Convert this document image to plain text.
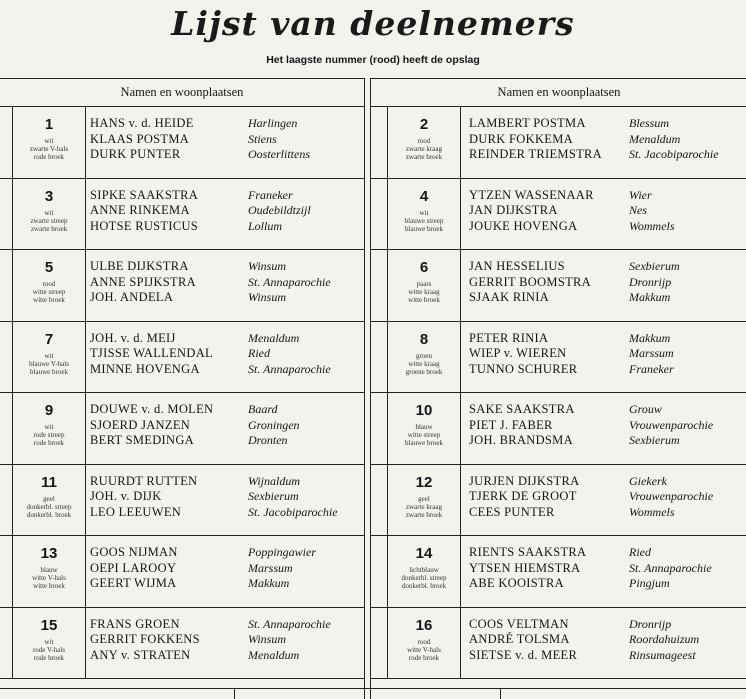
Lijst van deelnemers
Het laagste nummer (rood) heeft de opslag
Namen en woonplaatsen
1
wit
zwarte V-hals
rode broek
HANS v. d. HEIDE	Harlingen
KLAAS POSTMA	Stiens
DURK PUNTER	Oosterlittens
3
wit
zwarte streep
zwarte broek
SIPKE SAAKSTRA	Franeker
ANNE RINKEMA	Oudebildtzijl
HOTSE RUSTICUS	Lollum
5
rood
witte streep
witte broek
ULBE DIJKSTRA	Winsum
ANNE SPIJKSTRA	St. Annaparochie
JOH. ANDELA	Winsum
7
wit
blauwe V-hals
blauwe broek
JOH. v. d. MEIJ	Menaldum
TJISSE WALLENDAL	Ried
MINNE HOVENGA	St. Annaparochie
9
wit
rode streep
rode broek
DOUWE v. d. MOLEN	Baard
SJOERD JANZEN	Groningen
BERT SMEDINGA	Dronten
11
geel
donkerbl. streep
donkerbl. broek
RUURDT RUTTEN	Wijnaldum
JOH. v. DIJK	Sexbierum
LEO LEEUWEN	St. Jacobiparochie
13
blauw
witte V-hals
witte broek
GOOS NIJMAN	Poppingawier
OEPI LAROOY	Marssum
GEERT WIJMA	Makkum
15
wit
rode V-hals
rode broek
FRANS GROEN	St. Annaparochie
GERRIT FOKKENS	Winsum
ANY v. STRATEN	Menaldum
Namen en woonplaatsen
2
rood
zwarte kraag
zwarte broek
LAMBERT POSTMA	Blessum
DURK FOKKEMA	Menaldum
REINDER TRIEMSTRA St. Jacobiparochie
4
wit
blauwe streep
blauwe broek
YTZEN WASSENAAR	Wier
JAN DIJKSTRA	Nes
JOUKE HOVENGA	Wommels
6
paars
witte kraag
witte broek
JAN HESSELIUS	Sexbierum
GERRIT BOOMSTRA	Dronrijp
SJAAK RINIA	Makkum
8
groen
witte kraag
groene broek
PETER RINIA	Makkum
WIEP v. WIEREN	Marssum
TUNNO SCHURER	Franeker
10
blauw
witte streep
blauwe broek
SAKE SAAKSTRA	Grouw
PIET J. FABER	Vrouwenparochie
JOH. BRANDSMA	Sexbierum
12
geel
zwarte kraag
zwarte broek
JURJEN DIJKSTRA	Giekerk
TJERK DE GROOT	Vrouwenparochie
CEES PUNTER	Wommels
14
lichtblauw
donkerbl. streep
donkerbl. broek
RIENTS SAAKSTRA	Ried
YTSEN HIEMSTRA	St. Annaparochie
ABE KOOISTRA	Pingjum
16
rood
witte V-hals
rode broek
COOS VELTMAN	Dronrijp
ANDRÉ TOLSMA	Roordahuizum
SIETSE v. d. MEER	Rinsumageest
